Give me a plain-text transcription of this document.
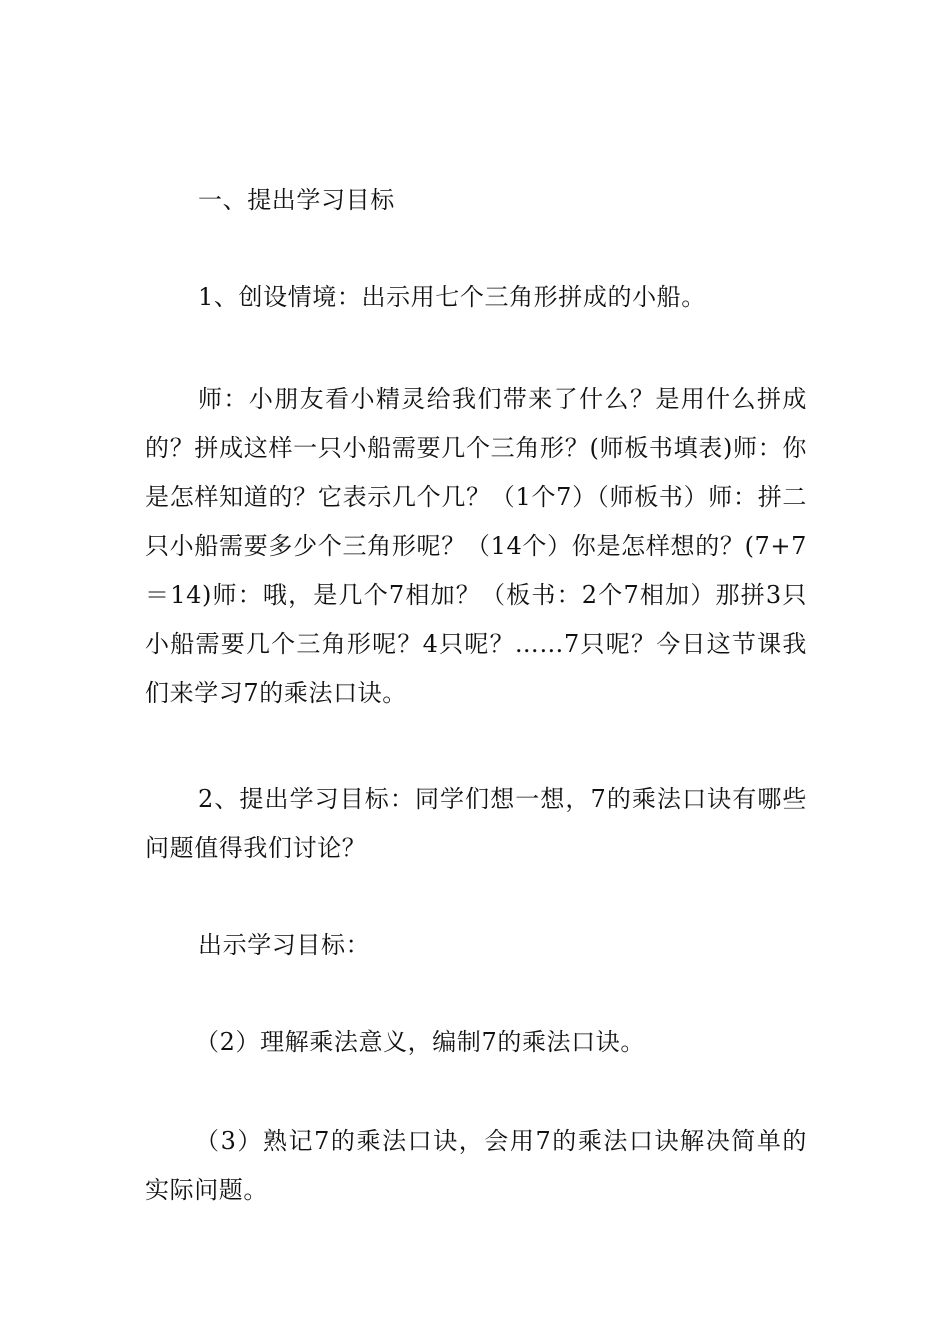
一、提出学习目标

1、创设情境：出示用七个三角形拼成的小船。

师：小朋友看小精灵给我们带来了什么？是用什么拼成的？拼成这样一只小船需要几个三角形？(师板书填表)师：你是怎样知道的？它表示几个几？（1个7）（师板书）师：拼二只小船需要多少个三角形呢？（14个）你是怎样想的？(7+7＝14)师：哦，是几个7相加？（板书：2个7相加）那拼3只小船需要几个三角形呢？4只呢？……7只呢？今日这节课我们来学习7的乘法口诀。

2、提出学习目标：同学们想一想，7的乘法口诀有哪些问题值得我们讨论？

出示学习目标：

（2）理解乘法意义，编制7的乘法口诀。

（3）熟记7的乘法口诀，会用7的乘法口诀解决简单的实际问题。
